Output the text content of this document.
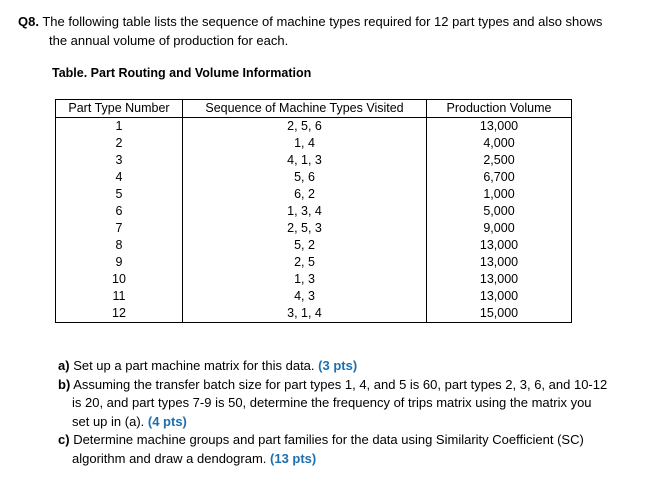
Q8. The following table lists the sequence of machine types required for 12 part types and also shows
the annual volume of production for each.
Table. Part Routing and Volume Information
Part Type Number	Sequence of Machine Types Visited	Production Volume
1	2, 5, 6	13,000
2	1, 4	4,000
3	4, 1, 3	2,500
4	5, 6	6,700
5	6, 2	1,000
6	1, 3, 4	5,000
7	2, 5, 3	9,000
8	5, 2	13,000
9	2, 5	13,000
10	1, 3	13,000
11	4, 3	13,000
12	3, 1, 4	15,000
a) Set up a part machine matrix for this data. (3 pts)
b) Assuming the transfer batch size for part types 1, 4, and 5 is 60, part types 2, 3, 6, and 10-12
is 20, and part types 7-9 is 50, determine the frequency of trips matrix using the matrix you
set up in (a). (4 pts)
c) Determine machine groups and part families for the data using Similarity Coefficient (SC)
algorithm and draw a dendogram. (13 pts)
